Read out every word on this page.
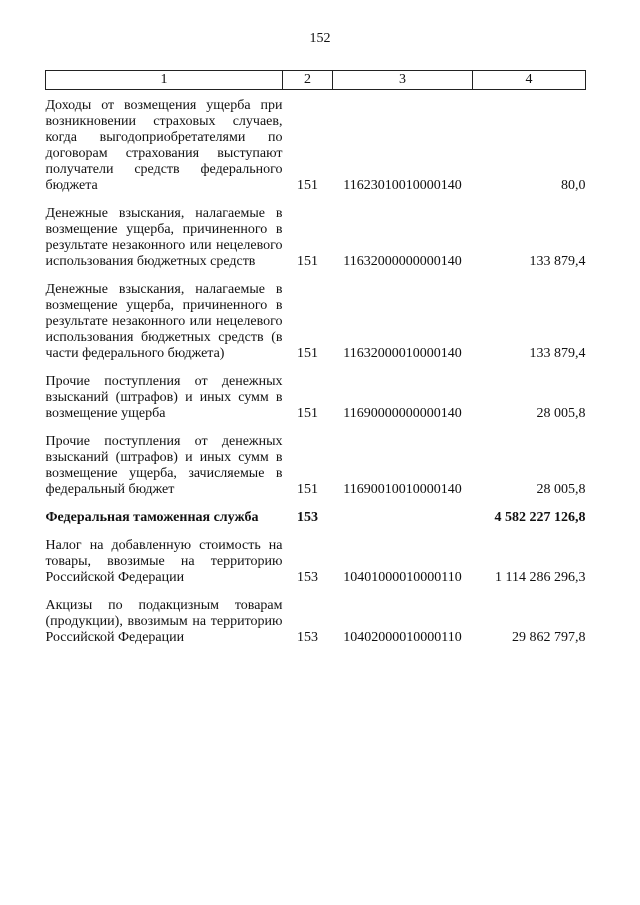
152
1	2	3	4
Доходы от возмещения ущерба при возникновении страховых случаев, когда выгодоприобретателями по договорам страхования выступают получатели средств федерального бюджета	151	11623010010000140	80,0
Денежные взыскания, налагаемые в возмещение ущерба, причиненного в результате незаконного или нецелевого использования бюджетных средств	151	11632000000000140	133 879,4
Денежные взыскания, налагаемые в возмещение ущерба, причиненного в результате незаконного или нецелевого использования бюджетных средств (в части федерального бюджета)	151	11632000010000140	133 879,4
Прочие поступления от денежных взысканий (штрафов) и иных сумм в возмещение ущерба	151	11690000000000140	28 005,8
Прочие поступления от денежных взысканий (штрафов) и иных сумм в возмещение ущерба, зачисляемые в федеральный бюджет	151	11690010010000140	28 005,8
Федеральная таможенная служба	153		4 582 227 126,8
Налог на добавленную стоимость на товары, ввозимые на территорию Российской Федерации	153	10401000010000110	1 114 286 296,3
Акцизы по подакцизным товарам (продукции), ввозимым на территорию Российской Федерации	153	10402000010000110	29 862 797,8
